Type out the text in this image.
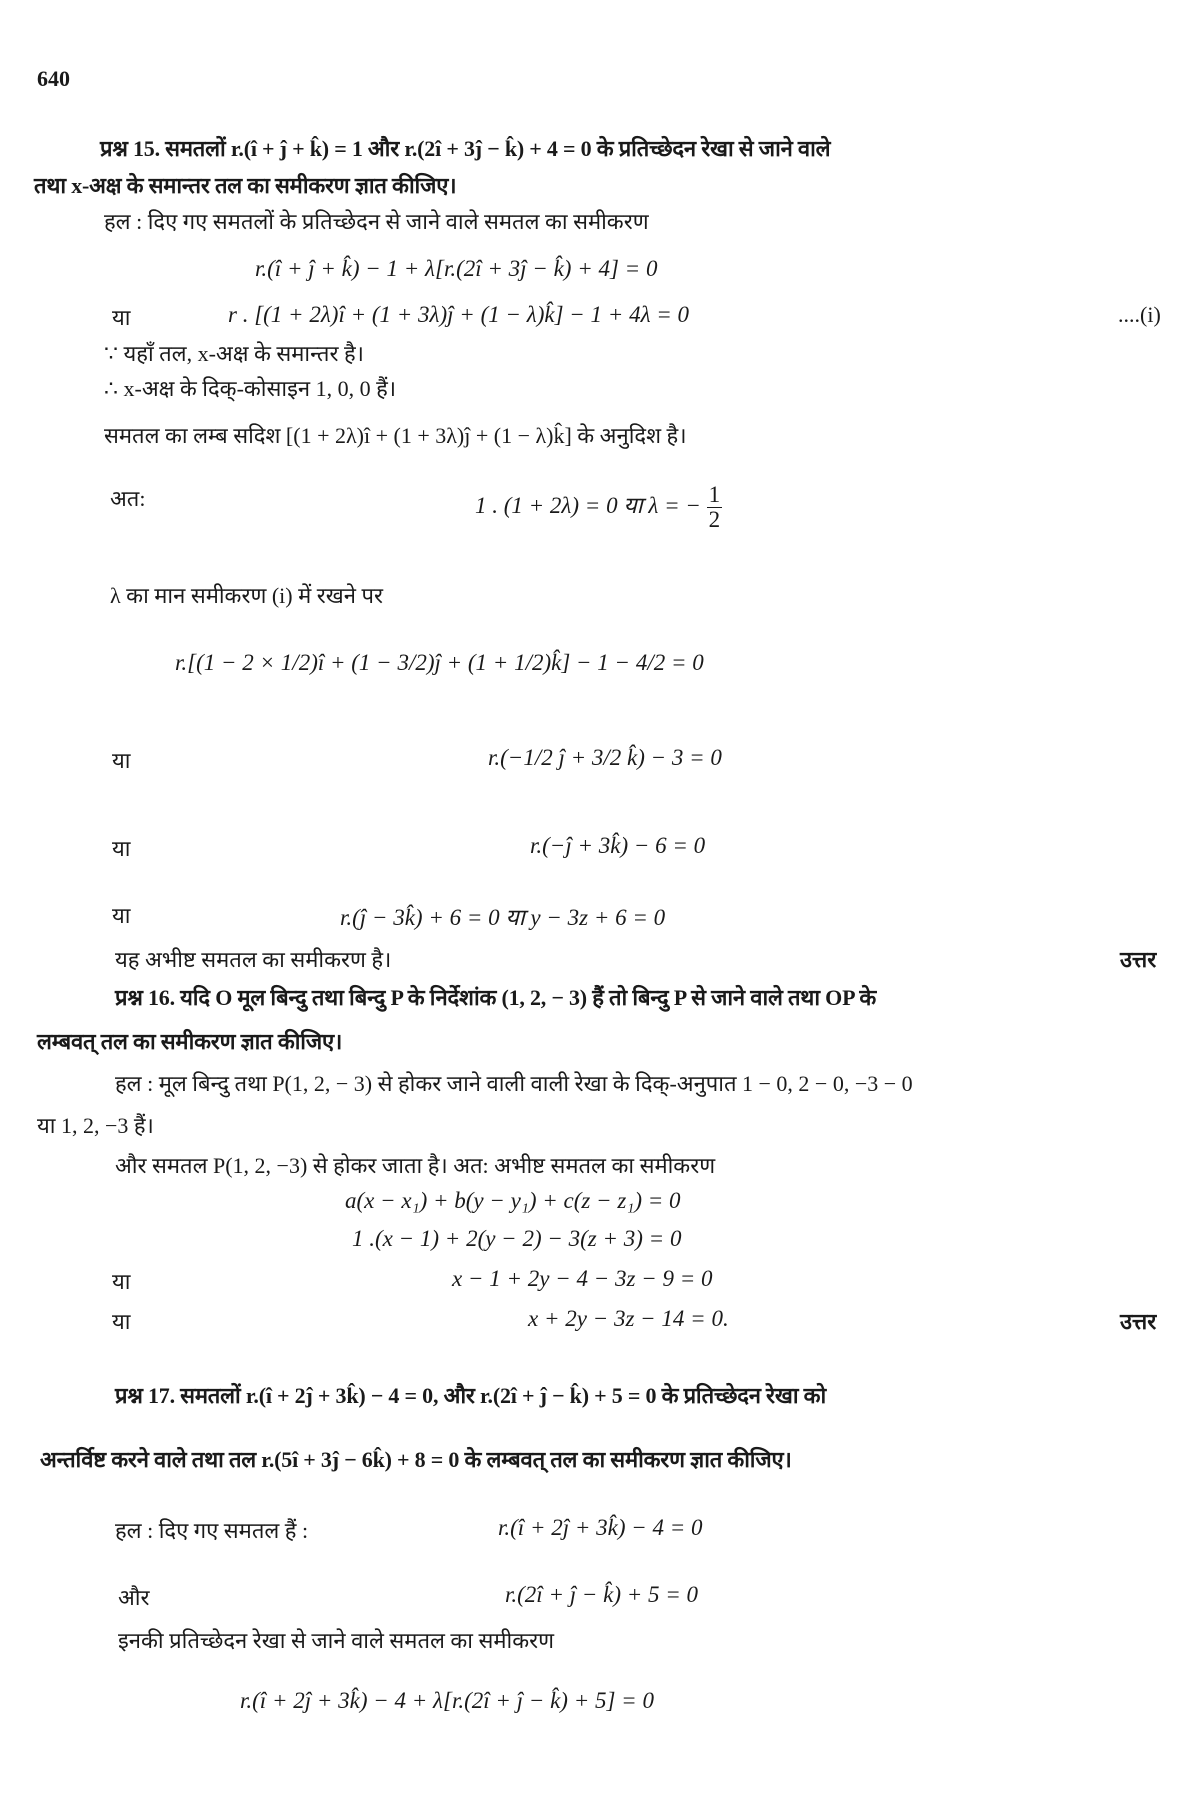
640
प्रश्न 15. समतलों r.(î + ĵ + k̂) = 1 और r.(2î + 3ĵ − k̂) + 4 = 0 के प्रतिच्छेदन रेखा से जाने वाले
तथा x-अक्ष के समान्तर तल का समीकरण ज्ञात कीजिए।
हल : दिए गए समतलों के प्रतिच्छेदन से जाने वाले समतल का समीकरण
r.(î + ĵ + k̂) − 1 + λ[r.(2î + 3ĵ − k̂) + 4] = 0
या	r . [(1 + 2λ)î + (1 + 3λ)ĵ + (1 − λ)k̂] − 1 + 4λ = 0	....(i)
∵ यहाँ तल, x-अक्ष के समान्तर है।
∴ x-अक्ष के दिक्-कोसाइन 1, 0, 0 हैं।
समतल का लम्ब सदिश [(1 + 2λ)î + (1 + 3λ)ĵ + (1 − λ)k̂] के अनुदिश है।
अत:	1 . (1 + 2λ) = 0 या λ = − $\frac{1}{2}$
λ का मान समीकरण (i) में रखने पर
r.[(1 − 2 × 1/2)î + (1 − 3/2)ĵ + (1 + 1/2)k̂] − 1 − 4/2 = 0
या	r.(−1/2 ĵ + 3/2 k̂) − 3 = 0
या	r.(−ĵ + 3k̂) − 6 = 0
या	r.(ĵ − 3k̂) + 6 = 0 या y − 3z + 6 = 0
यह अभीष्ट समतल का समीकरण है।	उत्तर
प्रश्न 16. यदि O मूल बिन्दु तथा बिन्दु P के निर्देशांक (1, 2, − 3) हैं तो बिन्दु P से जाने वाले तथा OP के
लम्बवत् तल का समीकरण ज्ञात कीजिए।
हल : मूल बिन्दु तथा P(1, 2, − 3) से होकर जाने वाली वाली रेखा के दिक्-अनुपात 1 − 0, 2 − 0, −3 − 0
या 1, 2, −3 हैं।
और समतल P(1, 2, −3) से होकर जाता है। अत: अभीष्ट समतल का समीकरण
a(x − x₁) + b(y − y₁) + c(z − z₁) = 0
1 .(x − 1) + 2(y − 2) − 3(z + 3) = 0
या	x − 1 + 2y − 4 − 3z − 9 = 0
या	x + 2y − 3z − 14 = 0.	उत्तर
प्रश्न 17. समतलों r.(î + 2ĵ + 3k̂) − 4 = 0, और r.(2î + ĵ − k̂) + 5 = 0 के प्रतिच्छेदन रेखा को
अन्तर्विष्ट करने वाले तथा तल r.(5î + 3ĵ − 6k̂) + 8 = 0 के लम्बवत् तल का समीकरण ज्ञात कीजिए।
हल : दिए गए समतल हैं :	r.(î + 2ĵ + 3k̂) − 4 = 0
और	r.(2î + ĵ − k̂) + 5 = 0
इनकी प्रतिच्छेदन रेखा से जाने वाले समतल का समीकरण
r.(î + 2ĵ + 3k̂) − 4 + λ[r.(2î + ĵ − k̂) + 5] = 0
